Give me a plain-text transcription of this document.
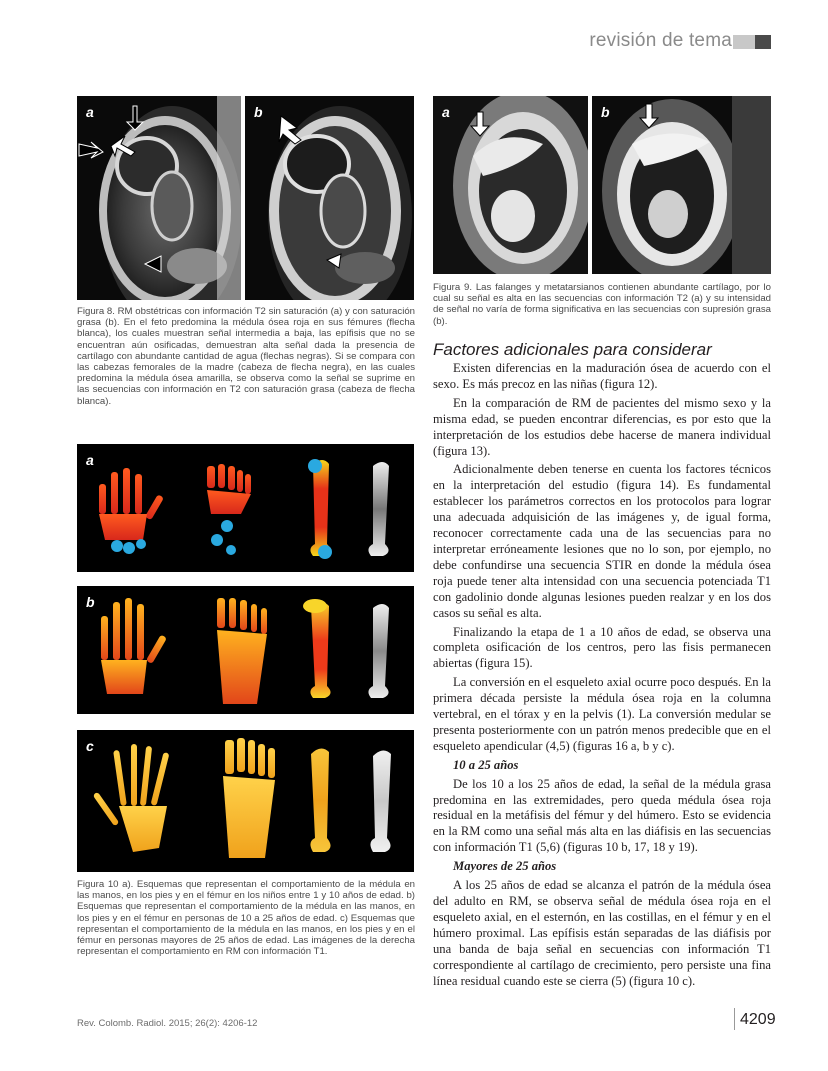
revisión de tema
a	b
Figura 8. RM obstétricas con información T2 sin saturación (a) y con saturación grasa (b). En el feto predomina la médula ósea roja en sus fémures (flecha blanca), los cuales muestran señal intermedia a baja, las epífisis que no se encuentran aún osificadas, demuestran alta señal dada la presencia de cartílago con abundante cantidad de agua (flechas negras). Si se compara con las cabezas femorales de la madre (cabeza de flecha negra), en las cuales predomina la médula ósea amarilla, se observa como la señal se suprime en las secuencias con información en T2 con saturación grasa (cabeza de flecha blanca).
a	b
Figura 9. Las falanges y metatarsianos contienen abundante cartílago, por lo cual su señal es alta en las secuencias con información T2 (a) y su intensidad de señal no varía de forma significativa en las secuencias con supresión grasa (b).
Factores adicionales para considerar

Existen diferencias en la maduración ósea de acuerdo con el sexo. Es más precoz en las niñas (figura 12).

En la comparación de RM de pacientes del mismo sexo y la misma edad, se pueden encontrar diferencias, es por esto que la interpretación de los estudios debe hacerse de manera individual (figura 13).

Adicionalmente deben tenerse en cuenta los factores técnicos en la interpretación del estudio (figura 14). Es fundamental establecer los parámetros correctos en los protocolos para lograr una adecuada adquisición de las imágenes y, de igual forma, reconocer correctamente cada una de las secuencias para no interpretar erróneamente lesiones que no lo son, por ejemplo, no debe confundirse una secuencia STIR en donde la médula ósea roja puede tener alta intensidad con una secuencia potenciada T1 con gadolinio donde algunas lesiones pueden realzar y en los dos casos su señal es alta.

Finalizando la etapa de 1 a 10 años de edad, se observa una completa osificación de los centros, pero las fisis permanecen abiertas (figura 15).

La conversión en el esqueleto axial ocurre poco después. En la primera década persiste la médula ósea roja en la columna vertebral, en el tórax y en la pelvis (1). La conversión medular se presenta posteriormente con un patrón menos predecible que en el esqueleto apendicular (4,5) (figuras 16 a, b y c).

10 a 25 años

De los 10 a los 25 años de edad, la señal de la médula grasa predomina en las extremidades, pero queda médula ósea roja residual en la metáfisis del fémur y del húmero. Esto se evidencia en la RM como una señal más alta en las diáfisis en las secuencias con información T1 (5,6) (figuras 10 b, 17, 18 y 19).

Mayores de 25 años

A los 25 años de edad se alcanza el patrón de la médula ósea del adulto en RM, se observa señal de médula ósea roja en el esqueleto axial, en el esternón, en las costillas, en el fémur y en el húmero proximal. Las epífisis están separadas de las diáfisis por una banda de baja señal en secuencias con información T1 correspondiente al cartílago de crecimiento, pero persiste una fina línea residual cuando este se cierra (5) (figura 10 c).

a
b
c
Figura 10 a). Esquemas que representan el comportamiento de la médula en las manos, en los pies y en el fémur en los niños entre 1 y 10 años de edad. b) Esquemas que representan el comportamiento de la médula en las manos, en los pies y en el fémur en personas de 10 a 25 años de edad. c) Esquemas que representan el comportamiento de la médula en las manos, en los pies y en el fémur en personas mayores de 25 años de edad. Las imágenes de la derecha representan el comportamiento en RM con información T1.
Rev. Colomb. Radiol. 2015; 26(2): 4206-12	4209
